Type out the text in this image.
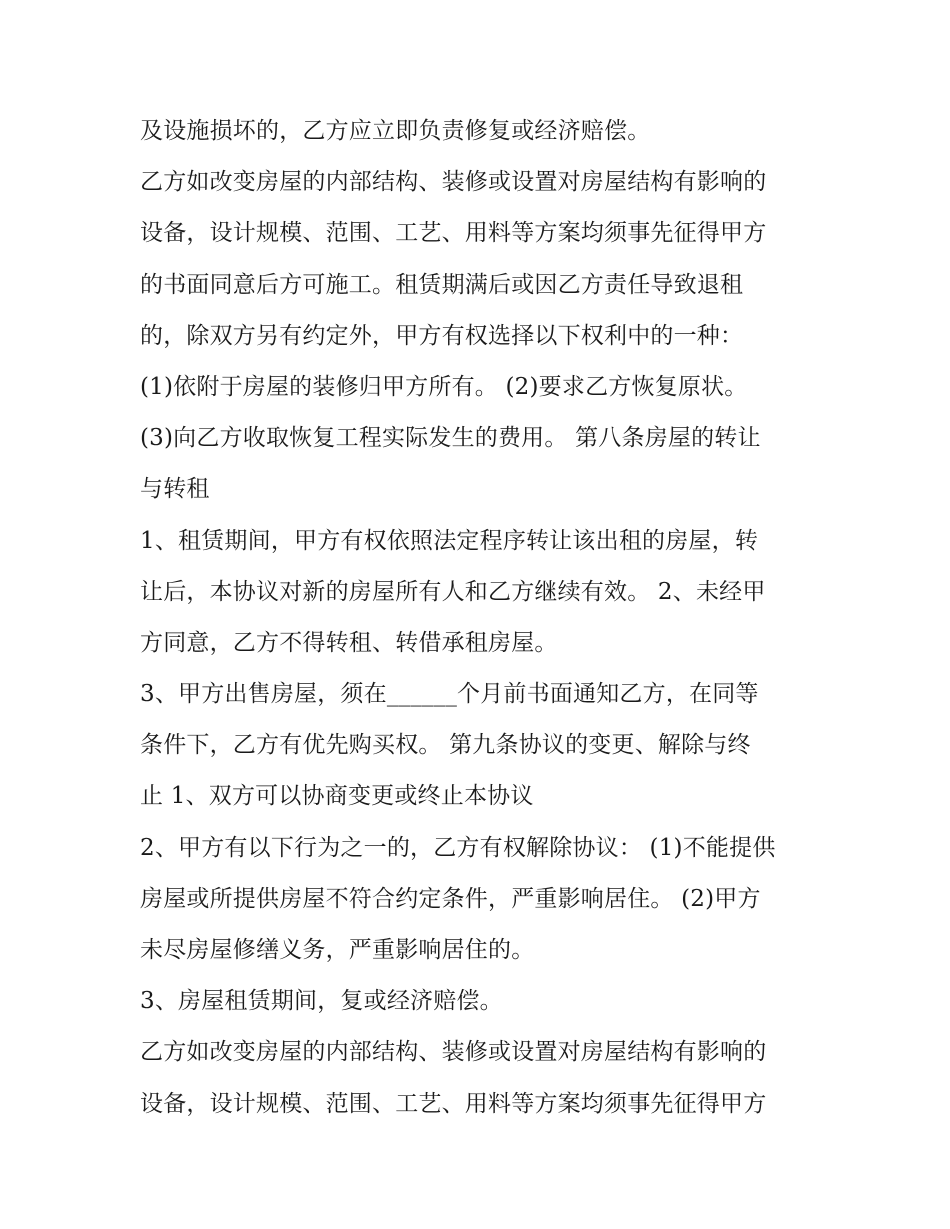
及设施损坏的，乙方应立即负责修复或经济赔偿。
乙方如改变房屋的内部结构、装修或设置对房屋结构有影响的
设备，设计规模、范围、工艺、用料等方案均须事先征得甲方
的书面同意后方可施工。租赁期满后或因乙方责任导致退租
的，除双方另有约定外，甲方有权选择以下权利中的一种：
(1)依附于房屋的装修归甲方所有。 (2)要求乙方恢复原状。
(3)向乙方收取恢复工程实际发生的费用。 第八条房屋的转让
与转租
1、租赁期间，甲方有权依照法定程序转让该出租的房屋，转
让后，本协议对新的房屋所有人和乙方继续有效。 2、未经甲
方同意，乙方不得转租、转借承租房屋。
3、甲方出售房屋，须在______个月前书面通知乙方，在同等
条件下，乙方有优先购买权。 第九条协议的变更、解除与终
止 1、双方可以协商变更或终止本协议
2、甲方有以下行为之一的，乙方有权解除协议： (1)不能提供
房屋或所提供房屋不符合约定条件，严重影响居住。 (2)甲方
未尽房屋修缮义务，严重影响居住的。
3、房屋租赁期间，复或经济赔偿。
乙方如改变房屋的内部结构、装修或设置对房屋结构有影响的
设备，设计规模、范围、工艺、用料等方案均须事先征得甲方
